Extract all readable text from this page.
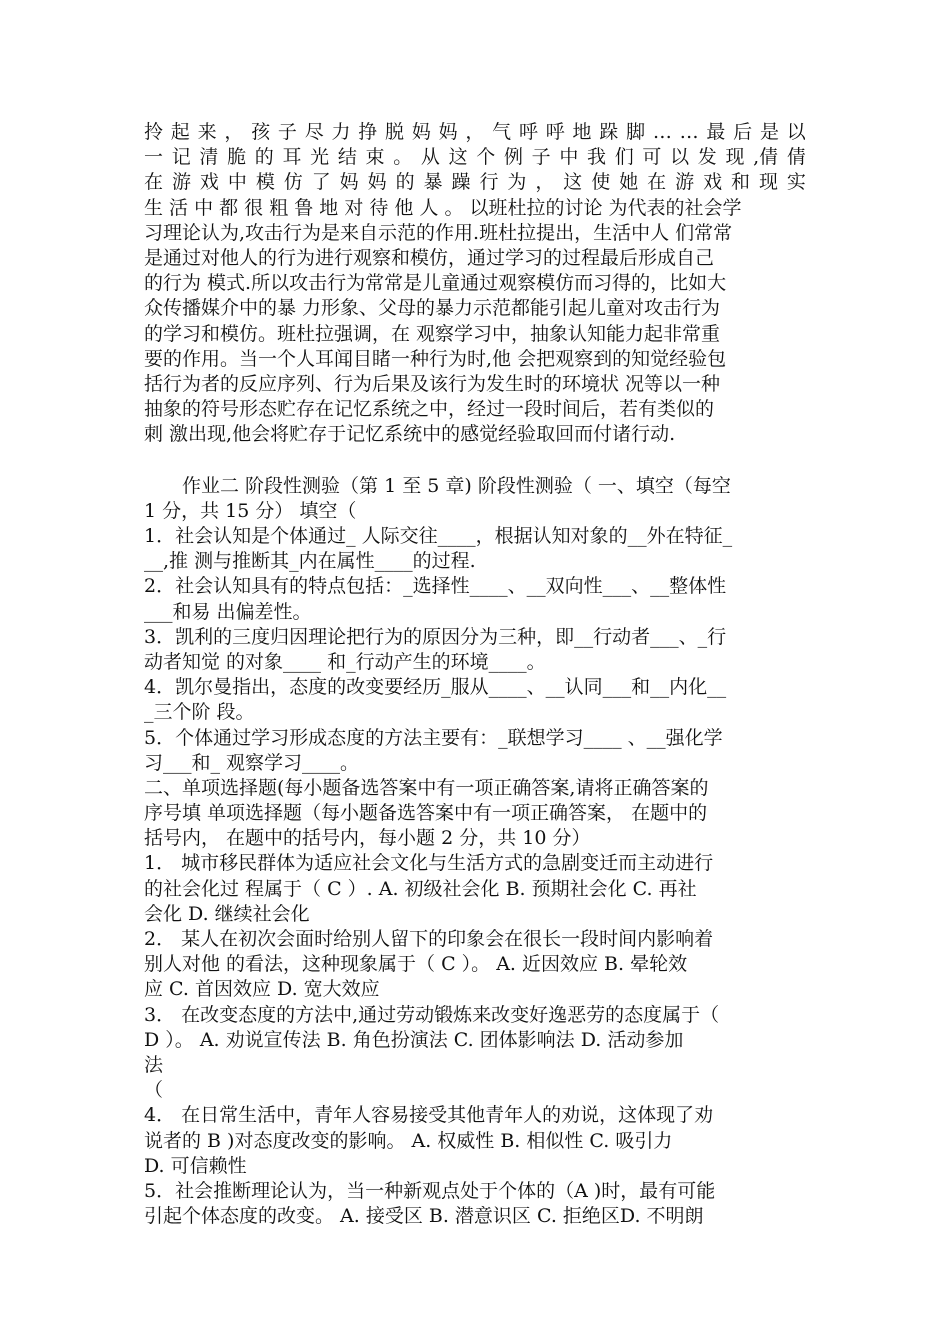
拎 起 来 ， 孩 子 尽 力 挣 脱 妈 妈 ， 气 呼 呼 地 跺 脚 … … 最 后 是 以
一 记 清 脆 的 耳 光 结 束 。 从 这 个 例 子 中 我 们 可 以 发 现 ,倩 倩
在 游 戏 中 模 仿 了 妈 妈 的 暴 躁 行 为 ， 这 使 她 在 游 戏 和 现 实
生 活 中 都 很 粗 鲁 地 对 待 他 人 。 以班杜拉的讨论 为代表的社会学
习理论认为,攻击行为是来自示范的作用.班杜拉提出，生活中人 们常常
是通过对他人的行为进行观察和模仿，通过学习的过程最后形成自己
的行为 模式.所以攻击行为常常是儿童通过观察模仿而习得的，比如大
众传播媒介中的暴 力形象、父母的暴力示范都能引起儿童对攻击行为
的学习和模仿。班杜拉强调，在 观察学习中，抽象认知能力起非常重
要的作用。当一个人耳闻目睹一种行为时,他 会把观察到的知觉经验包
括行为者的反应序列、行为后果及该行为发生时的环境状 况等以一种
抽象的符号形态贮存在记忆系统之中，经过一段时间后，若有类似的
刺 激出现,他会将贮存于记忆系统中的感觉经验取回而付诸行动.
　　作业二 阶段性测验（第 1 至 5 章) 阶段性测验（ 一、填空（每空
1 分，共 15 分） 填空（
1．社会认知是个体通过_ 人际交往____，根据认知对象的__外在特征_
__,推 测与推断其_内在属性____的过程.
2．社会认知具有的特点包括：_选择性____、__双向性___、__整体性
___和易 出偏差性。
3．凯利的三度归因理论把行为的原因分为三种，即__行动者___、_行
动者知觉 的对象____ 和_行动产生的环境____。
4．凯尔曼指出，态度的改变要经历_服从____、__认同___和__内化__
_三个阶 段。
5．个体通过学习形成态度的方法主要有：_联想学习____ 、__强化学
习___和_ 观察学习____。
二、单项选择题(每小题备选答案中有一项正确答案,请将正确答案的
序号填 单项选择题（每小题备选答案中有一项正确答案， 在题中的
括号内， 在题中的括号内，每小题 2 分，共 10 分）
1． 城市移民群体为适应社会文化与生活方式的急剧变迁而主动进行
的社会化过 程属于（ C ）. A. 初级社会化 B. 预期社会化 C. 再社
会化 D. 继续社会化
2． 某人在初次会面时给别人留下的印象会在很长一段时间内影响着
别人对他 的看法，这种现象属于（ C ）。 A. 近因效应 B. 晕轮效
应 C. 首因效应 D. 宽大效应
3． 在改变态度的方法中,通过劳动锻炼来改变好逸恶劳的态度属于（
D ）。 A. 劝说宣传法 B. 角色扮演法 C. 团体影响法 D. 活动参加
法
（
4． 在日常生活中，青年人容易接受其他青年人的劝说，这体现了劝
说者的 B )对态度改变的影响。 A. 权威性 B. 相似性 C. 吸引力
D. 可信赖性
5．社会推断理论认为，当一种新观点处于个体的（A )时，最有可能
引起个体态度的改变。 A. 接受区 B. 潜意识区 C. 拒绝区D. 不明朗
